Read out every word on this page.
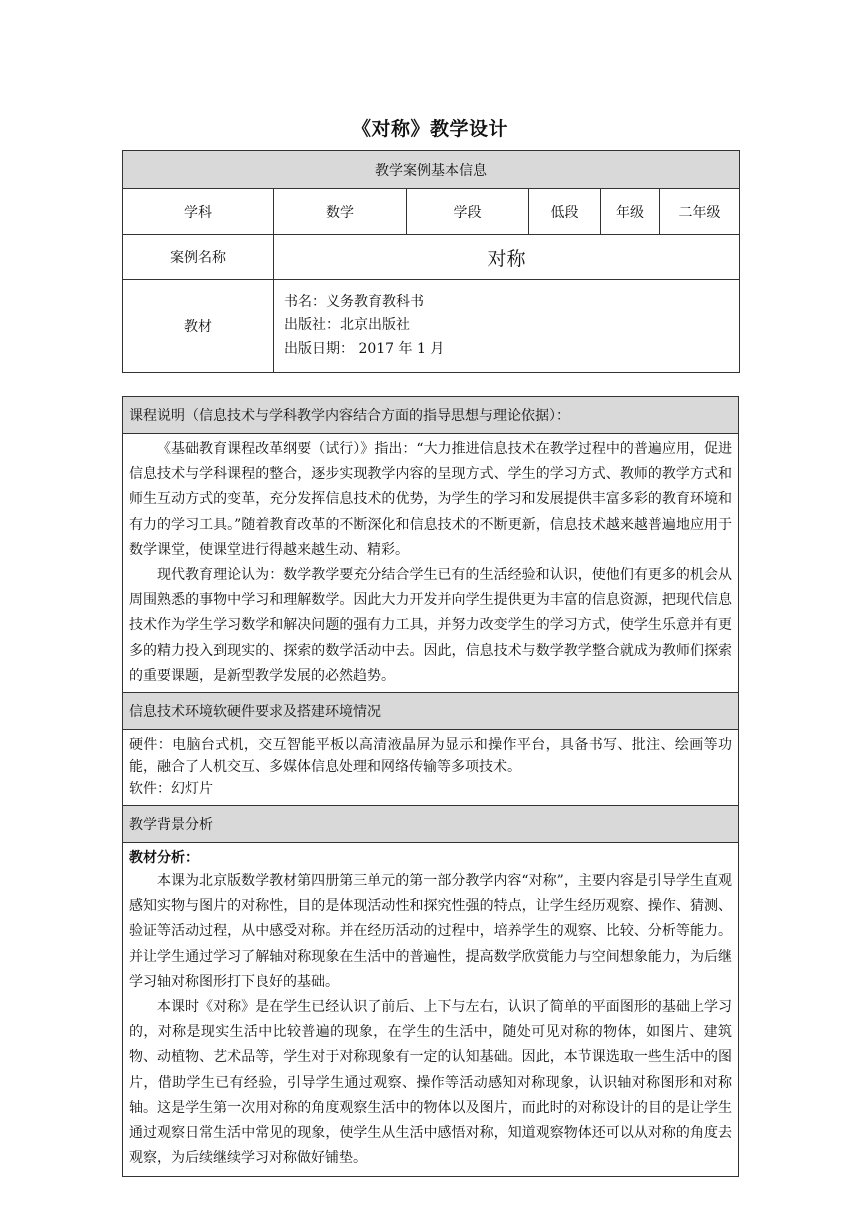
《对称》教学设计
教学案例基本信息					
学科	数学	学段	低段	年级	二年级
案例名称	对称				
教材	书名：义务教育教科书
出版社：北京出版社
出版日期： 2017 年 1 月				
课程说明（信息技术与学科教学内容结合方面的指导思想与理论依据）：

《基础教育课程改革纲要（试行）》指出：“大力推进信息技术在教学过程中的普遍应用，促进信息技术与学科课程的整合，逐步实现教学内容的呈现方式、学生的学习方式、教师的教学方式和师生互动方式的变革，充分发挥信息技术的优势，为学生的学习和发展提供丰富多彩的教育环境和有力的学习工具。”随着教育改革的不断深化和信息技术的不断更新，信息技术越来越普遍地应用于数学课堂，使课堂进行得越来越生动、精彩。

现代教育理论认为：数学教学要充分结合学生已有的生活经验和认识，使他们有更多的机会从周围熟悉的事物中学习和理解数学。因此大力开发并向学生提供更为丰富的信息资源，把现代信息技术作为学生学习数学和解决问题的强有力工具，并努力改变学生的学习方式，使学生乐意并有更多的精力投入到现实的、探索的数学活动中去。因此，信息技术与数学教学整合就成为教师们探索的重要课题，是新型教学发展的必然趋势。

信息技术环境软硬件要求及搭建环境情况

硬件：电脑台式机，交互智能平板以高清液晶屏为显示和操作平台，具备书写、批注、绘画等功能，融合了人机交互、多媒体信息处理和网络传输等多项技术。

软件：幻灯片

教学背景分析

教材分析：

本课为北京版数学教材第四册第三单元的第一部分教学内容“对称”，主要内容是引导学生直观感知实物与图片的对称性，目的是体现活动性和探究性强的特点，让学生经历观察、操作、猜测、验证等活动过程，从中感受对称。并在经历活动的过程中，培养学生的观察、比较、分析等能力。并让学生通过学习了解轴对称现象在生活中的普遍性，提高数学欣赏能力与空间想象能力，为后继学习轴对称图形打下良好的基础。

本课时《对称》是在学生已经认识了前后、上下与左右，认识了简单的平面图形的基础上学习的，对称是现实生活中比较普遍的现象，在学生的生活中，随处可见对称的物体，如图片、建筑物、动植物、艺术品等，学生对于对称现象有一定的认知基础。因此，本节课选取一些生活中的图片，借助学生已有经验，引导学生通过观察、操作等活动感知对称现象，认识轴对称图形和对称轴。这是学生第一次用对称的角度观察生活中的物体以及图片，而此时的对称设计的目的是让学生通过观察日常生活中常见的现象，使学生从生活中感悟对称，知道观察物体还可以从对称的角度去观察，为后续继续学习对称做好铺垫。
